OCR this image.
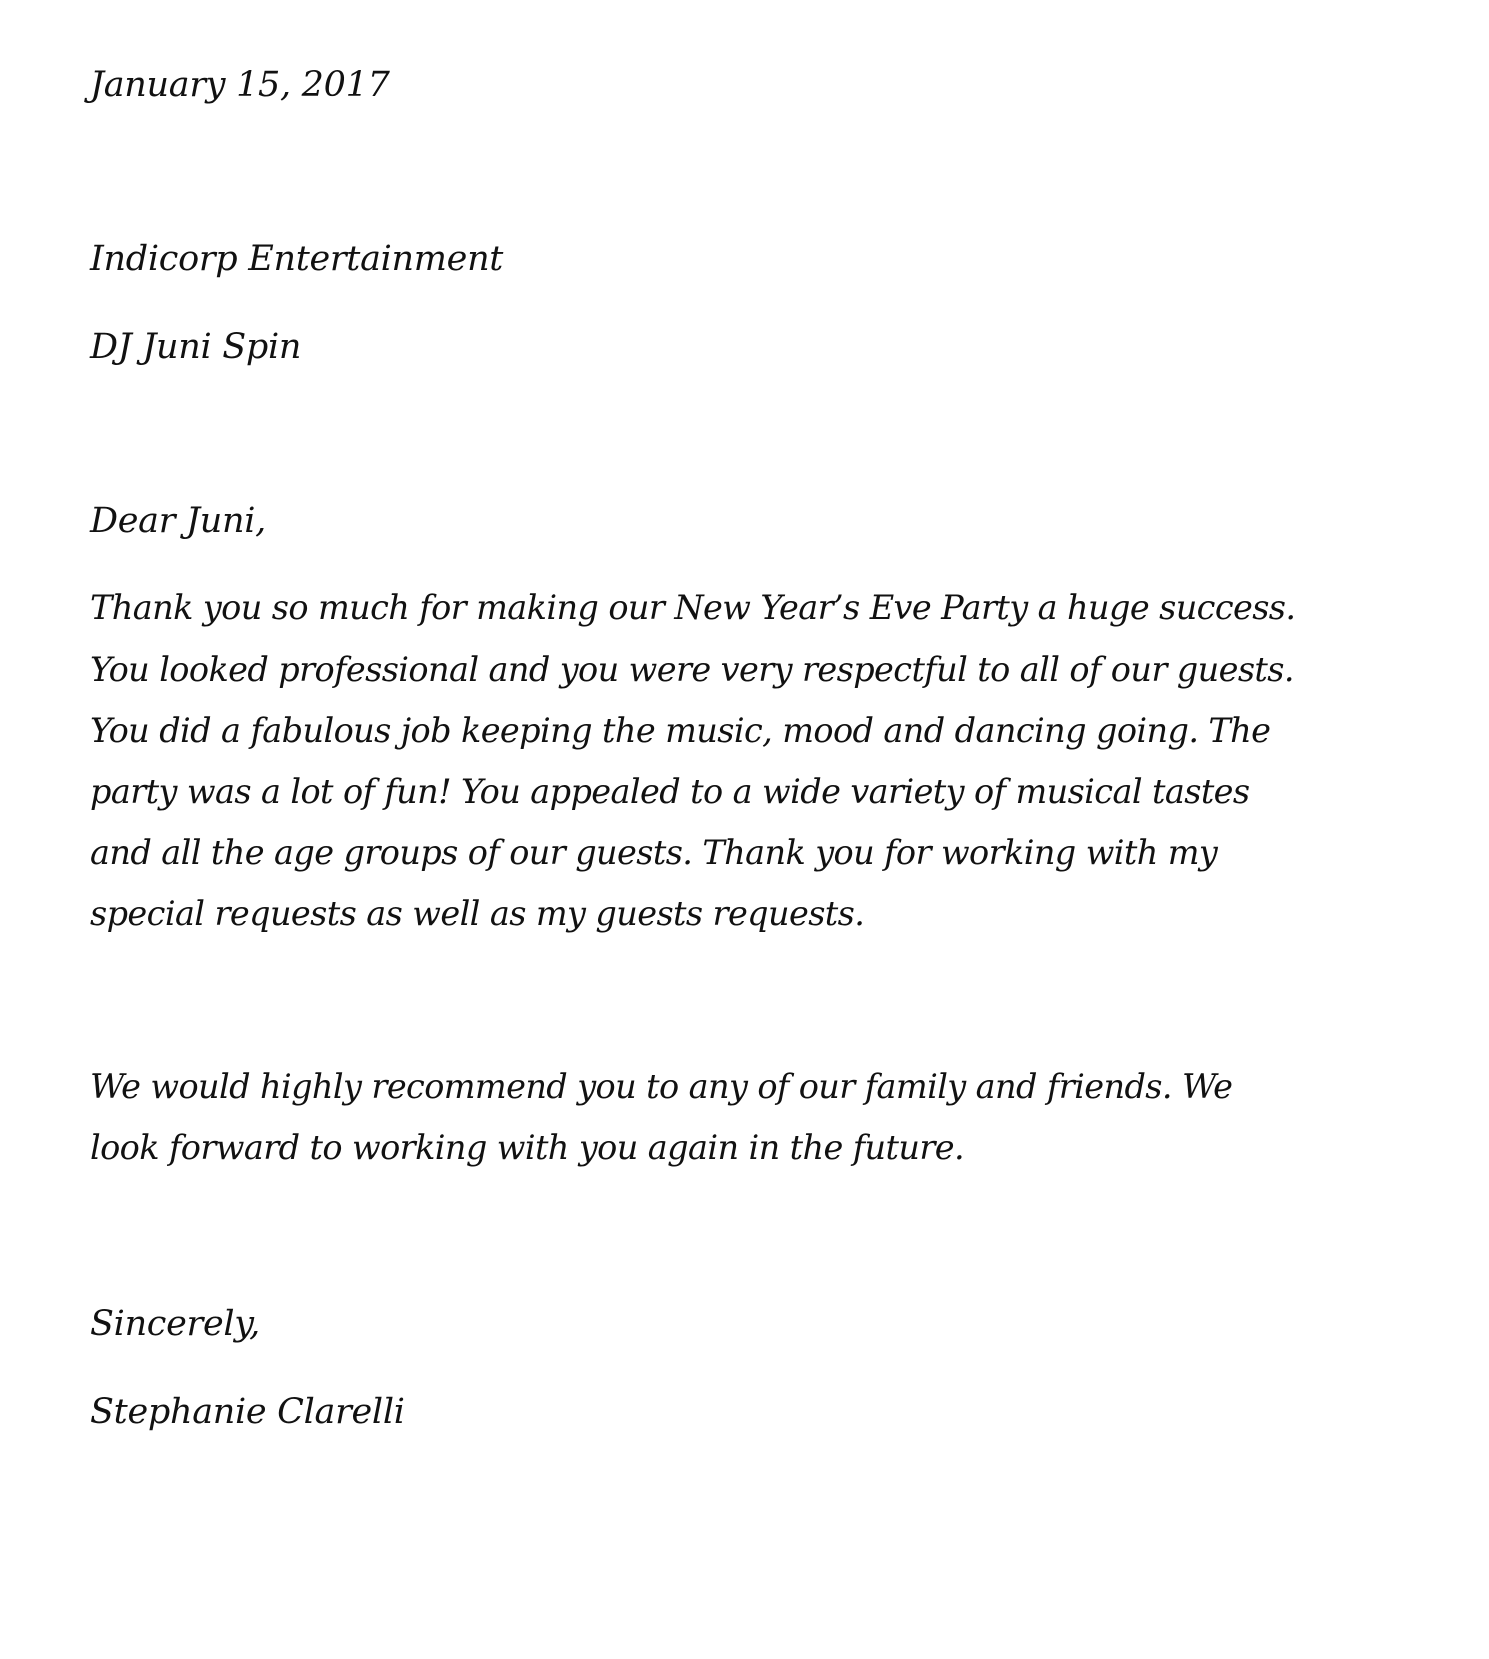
January 15, 2017

Indicorp Entertainment

DJ Juni Spin

Dear Juni,

Thank you so much for making our New Year’s Eve Party a huge success.

You looked professional and you were very respectful to all of our guests.

You did a fabulous job keeping the music, mood and dancing going. The

party was a lot of fun! You appealed to a wide variety of musical tastes

and all the age groups of our guests. Thank you for working with my

special requests as well as my guests requests.

We would highly recommend you to any of our family and friends. We

look forward to working with you again in the future.

Sincerely,

Stephanie Clarelli
